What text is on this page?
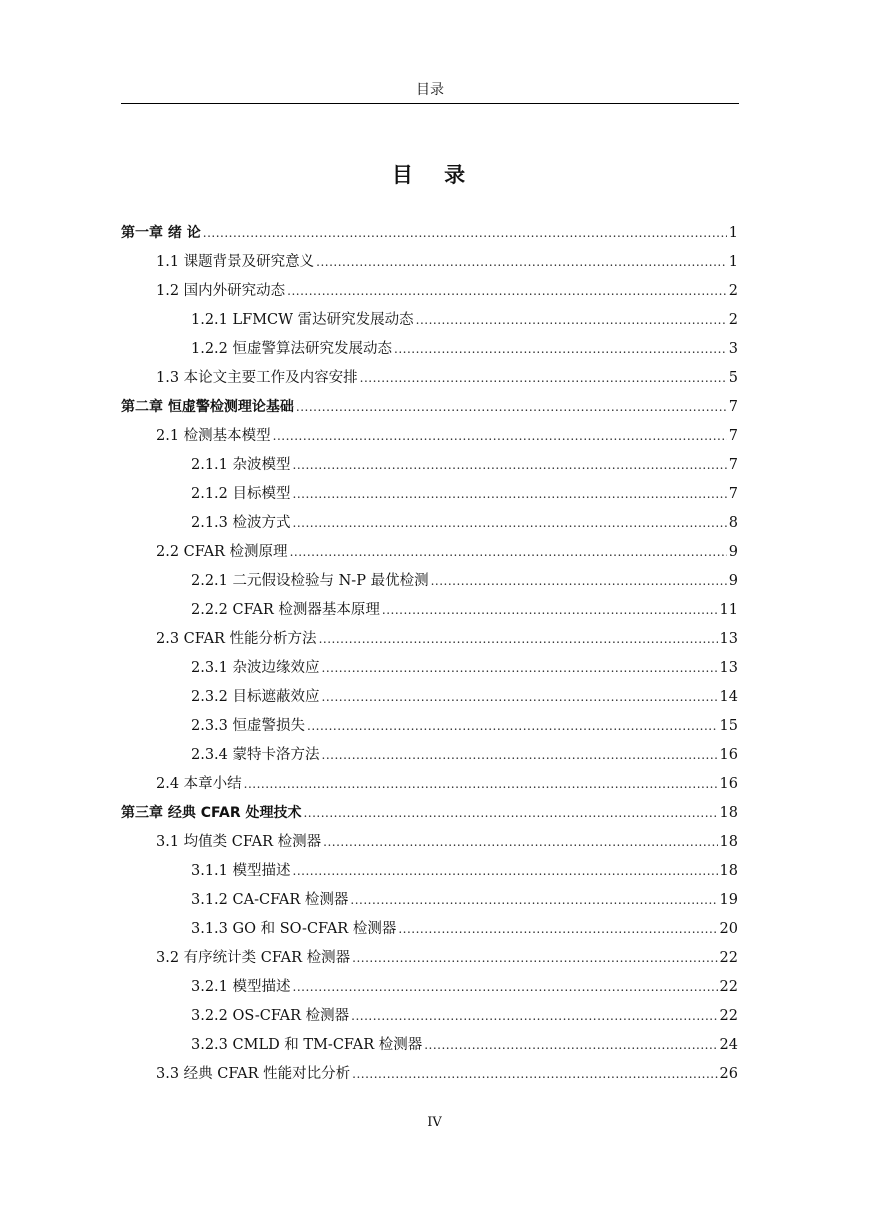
目录
目 录
第一章 绪 论 .....	1
1.1 课题背景及研究意义 .....	1
1.2 国内外研究动态 .....	2
1.2.1 LFMCW 雷达研究发展动态 .....	2
1.2.2 恒虚警算法研究发展动态 .....	3
1.3 本论文主要工作及内容安排 .....	5
第二章 恒虚警检测理论基础 .....	7
2.1 检测基本模型 .....	7
2.1.1 杂波模型 .....	7
2.1.2 目标模型 .....	7
2.1.3 检波方式 .....	8
2.2 CFAR 检测原理 .....	9
2.2.1 二元假设检验与 N-P 最优检测 .....	9
2.2.2 CFAR 检测器基本原理 .....	11
2.3 CFAR 性能分析方法 .....	13
2.3.1 杂波边缘效应 .....	13
2.3.2 目标遮蔽效应 .....	14
2.3.3 恒虚警损失 .....	15
2.3.4 蒙特卡洛方法 .....	16
2.4 本章小结 .....	16
第三章 经典 CFAR 处理技术 .....	18
3.1 均值类 CFAR 检测器 .....	18
3.1.1 模型描述 .....	18
3.1.2 CA-CFAR 检测器 .....	19
3.1.3 GO 和 SO-CFAR 检测器 .....	20
3.2 有序统计类 CFAR 检测器 .....	22
3.2.1 模型描述 .....	22
3.2.2 OS-CFAR 检测器 .....	22
3.2.3 CMLD 和 TM-CFAR 检测器 .....	24
3.3 经典 CFAR 性能对比分析 .....	26
IV
